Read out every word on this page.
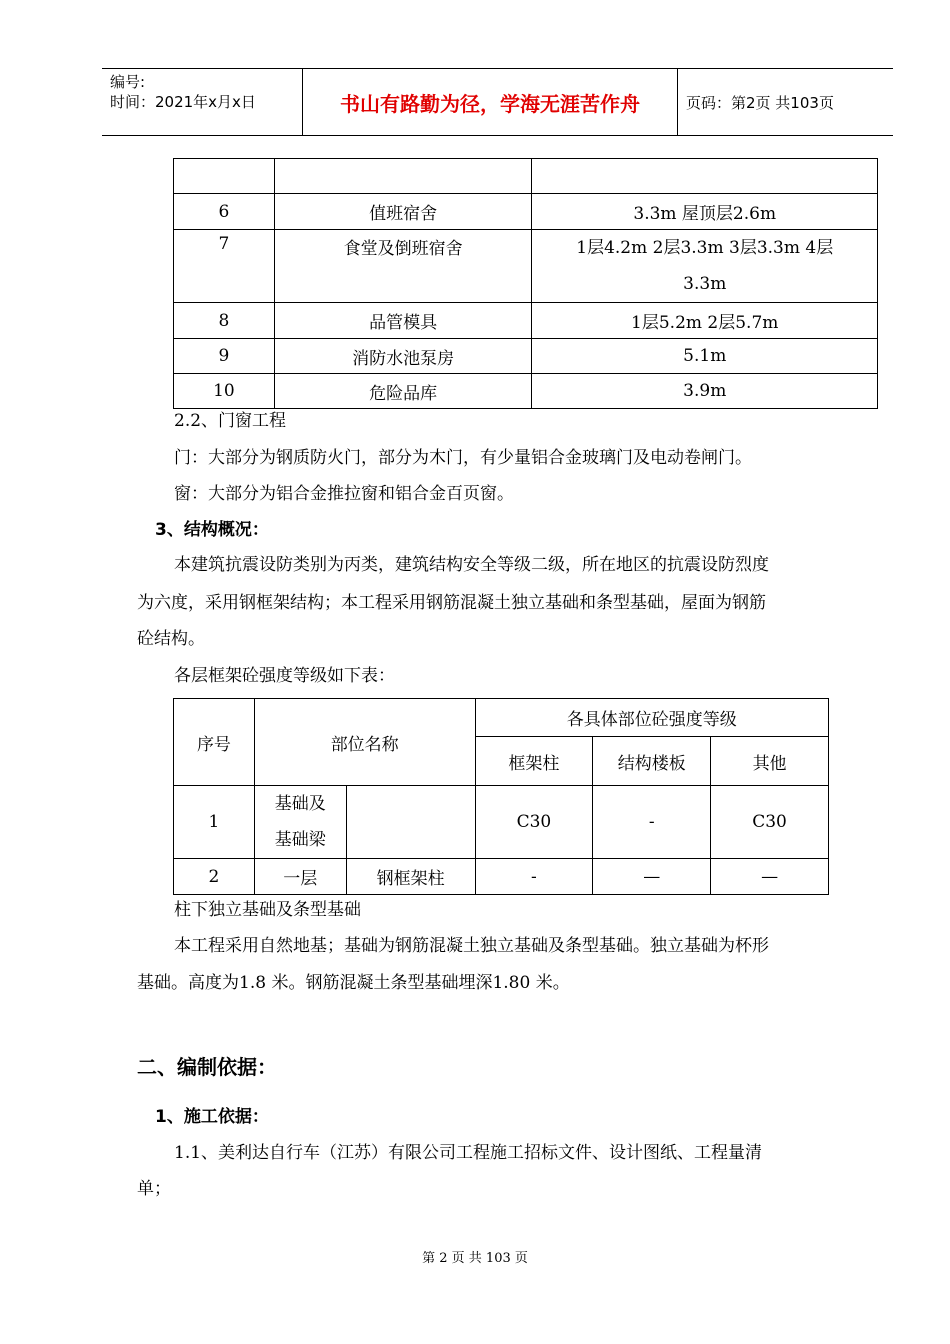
编号:
时间：2021年x月x日	书山有路勤为径，学海无涯苦作舟	页码：第2页 共103页

6	值班宿舍	3.3m 屋顶层2.6m
7	食堂及倒班宿舍	1层4.2m 2层3.3m 3层3.3m 4层
3.3m

8	品管模具	1层5.2m 2层5.7m
9	消防水池泵房	5.1m
10	危险品库	3.9m
2.2、门窗工程
门：大部分为钢质防火门，部分为木门，有少量铝合金玻璃门及电动卷闸门。
窗：大部分为铝合金推拉窗和铝合金百页窗。
3、结构概况：
本建筑抗震设防类别为丙类，建筑结构安全等级二级，所在地区的抗震设防烈度
为六度，采用钢框架结构；本工程采用钢筋混凝土独立基础和条型基础，屋面为钢筋
砼结构。
各层框架砼强度等级如下表：
序号	部位名称		各具体部位砼强度等级		
			框架柱	结构楼板	其他
1	基础及
基础梁		C30	-	C30
2	一层	钢框架柱	-	—	—
柱下独立基础及条型基础
本工程采用自然地基；基础为钢筋混凝土独立基础及条型基础。独立基础为杯形
基础。高度为1.8 米。钢筋混凝土条型基础埋深1.80 米。
二、编制依据：
1、施工依据：
1.1、美利达自行车（江苏）有限公司工程施工招标文件、设计图纸、工程量清
单；
第 2 页 共 103 页
